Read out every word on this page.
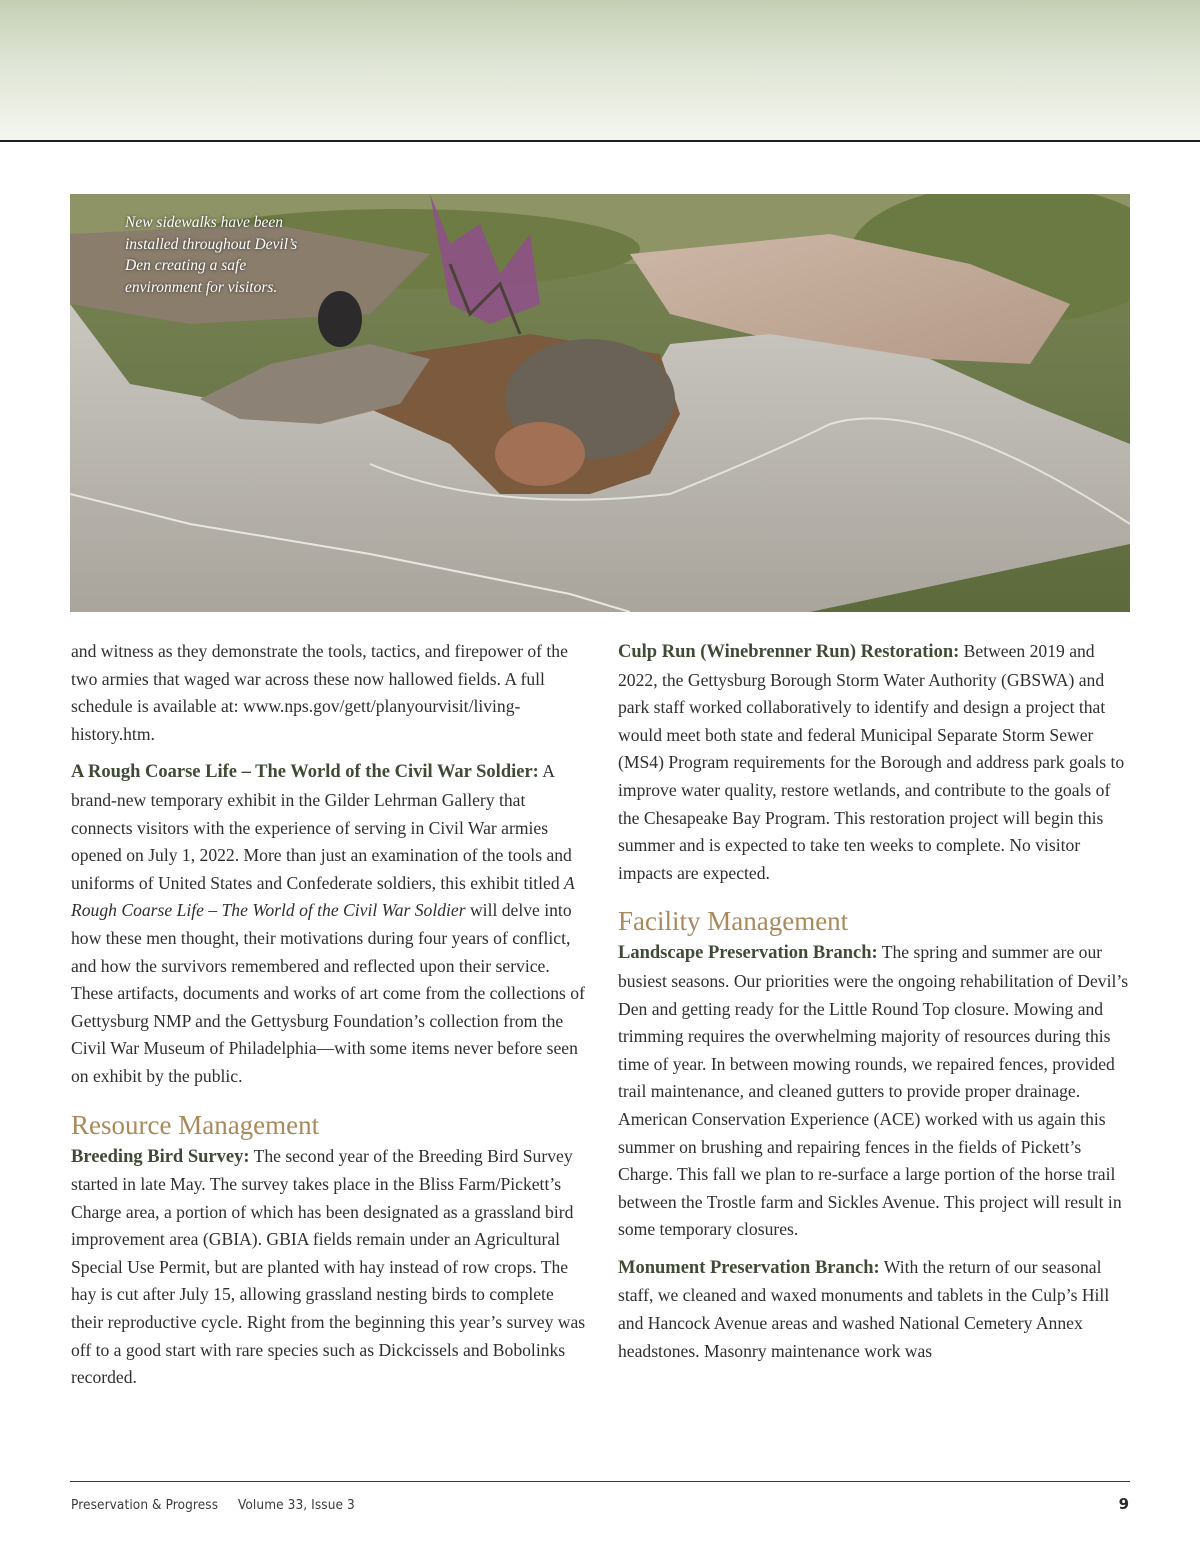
New sidewalks have been installed throughout Devil’s Den creating a safe environment for visitors.

and witness as they demonstrate the tools, tactics, and firepower of the two armies that waged war across these now hallowed fields. A full schedule is available at: www.nps.gov/gett/planyourvisit/living-history.htm.

A Rough Coarse Life – The World of the Civil War Soldier: A brand-new temporary exhibit in the Gilder Lehrman Gallery that connects visitors with the experience of serving in Civil War armies opened on July 1, 2022. More than just an examination of the tools and uniforms of United States and Confederate soldiers, this exhibit titled A Rough Coarse Life – The World of the Civil War Soldier will delve into how these men thought, their motivations during four years of conflict, and how the survivors remembered and reflected upon their service. These artifacts, documents and works of art come from the collections of Gettysburg NMP and the Gettysburg Foundation’s collection from the Civil War Museum of Philadelphia—with some items never before seen on exhibit by the public.

Resource Management

Breeding Bird Survey: The second year of the Breeding Bird Survey started in late May. The survey takes place in the Bliss Farm/Pickett’s Charge area, a portion of which has been designated as a grassland bird improvement area (GBIA). GBIA fields remain under an Agricultural Special Use Permit, but are planted with hay instead of row crops. The hay is cut after July 15, allowing grassland nesting birds to complete their reproductive cycle. Right from the beginning this year’s survey was off to a good start with rare species such as Dickcissels and Bobolinks recorded.

Culp Run (Winebrenner Run) Restoration: Between 2019 and 2022, the Gettysburg Borough Storm Water Authority (GBSWA) and park staff worked collaboratively to identify and design a project that would meet both state and federal Municipal Separate Storm Sewer (MS4) Program requirements for the Borough and address park goals to improve water quality, restore wetlands, and contribute to the goals of the Chesapeake Bay Program. This restoration project will begin this summer and is expected to take ten weeks to complete. No visitor impacts are expected.

Facility Management

Landscape Preservation Branch: The spring and summer are our busiest seasons. Our priorities were the ongoing rehabilitation of Devil’s Den and getting ready for the Little Round Top closure. Mowing and trimming requires the overwhelming majority of resources during this time of year. In between mowing rounds, we repaired fences, provided trail maintenance, and cleaned gutters to provide proper drainage. American Conservation Experience (ACE) worked with us again this summer on brushing and repairing fences in the fields of Pickett’s Charge. This fall we plan to re-surface a large portion of the horse trail between the Trostle farm and Sickles Avenue. This project will result in some temporary closures.

Monument Preservation Branch: With the return of our seasonal staff, we cleaned and waxed monuments and tablets in the Culp’s Hill and Hancock Avenue areas and washed National Cemetery Annex headstones. Masonry maintenance work was

Preservation & Progress Volume 33, Issue 3	9
